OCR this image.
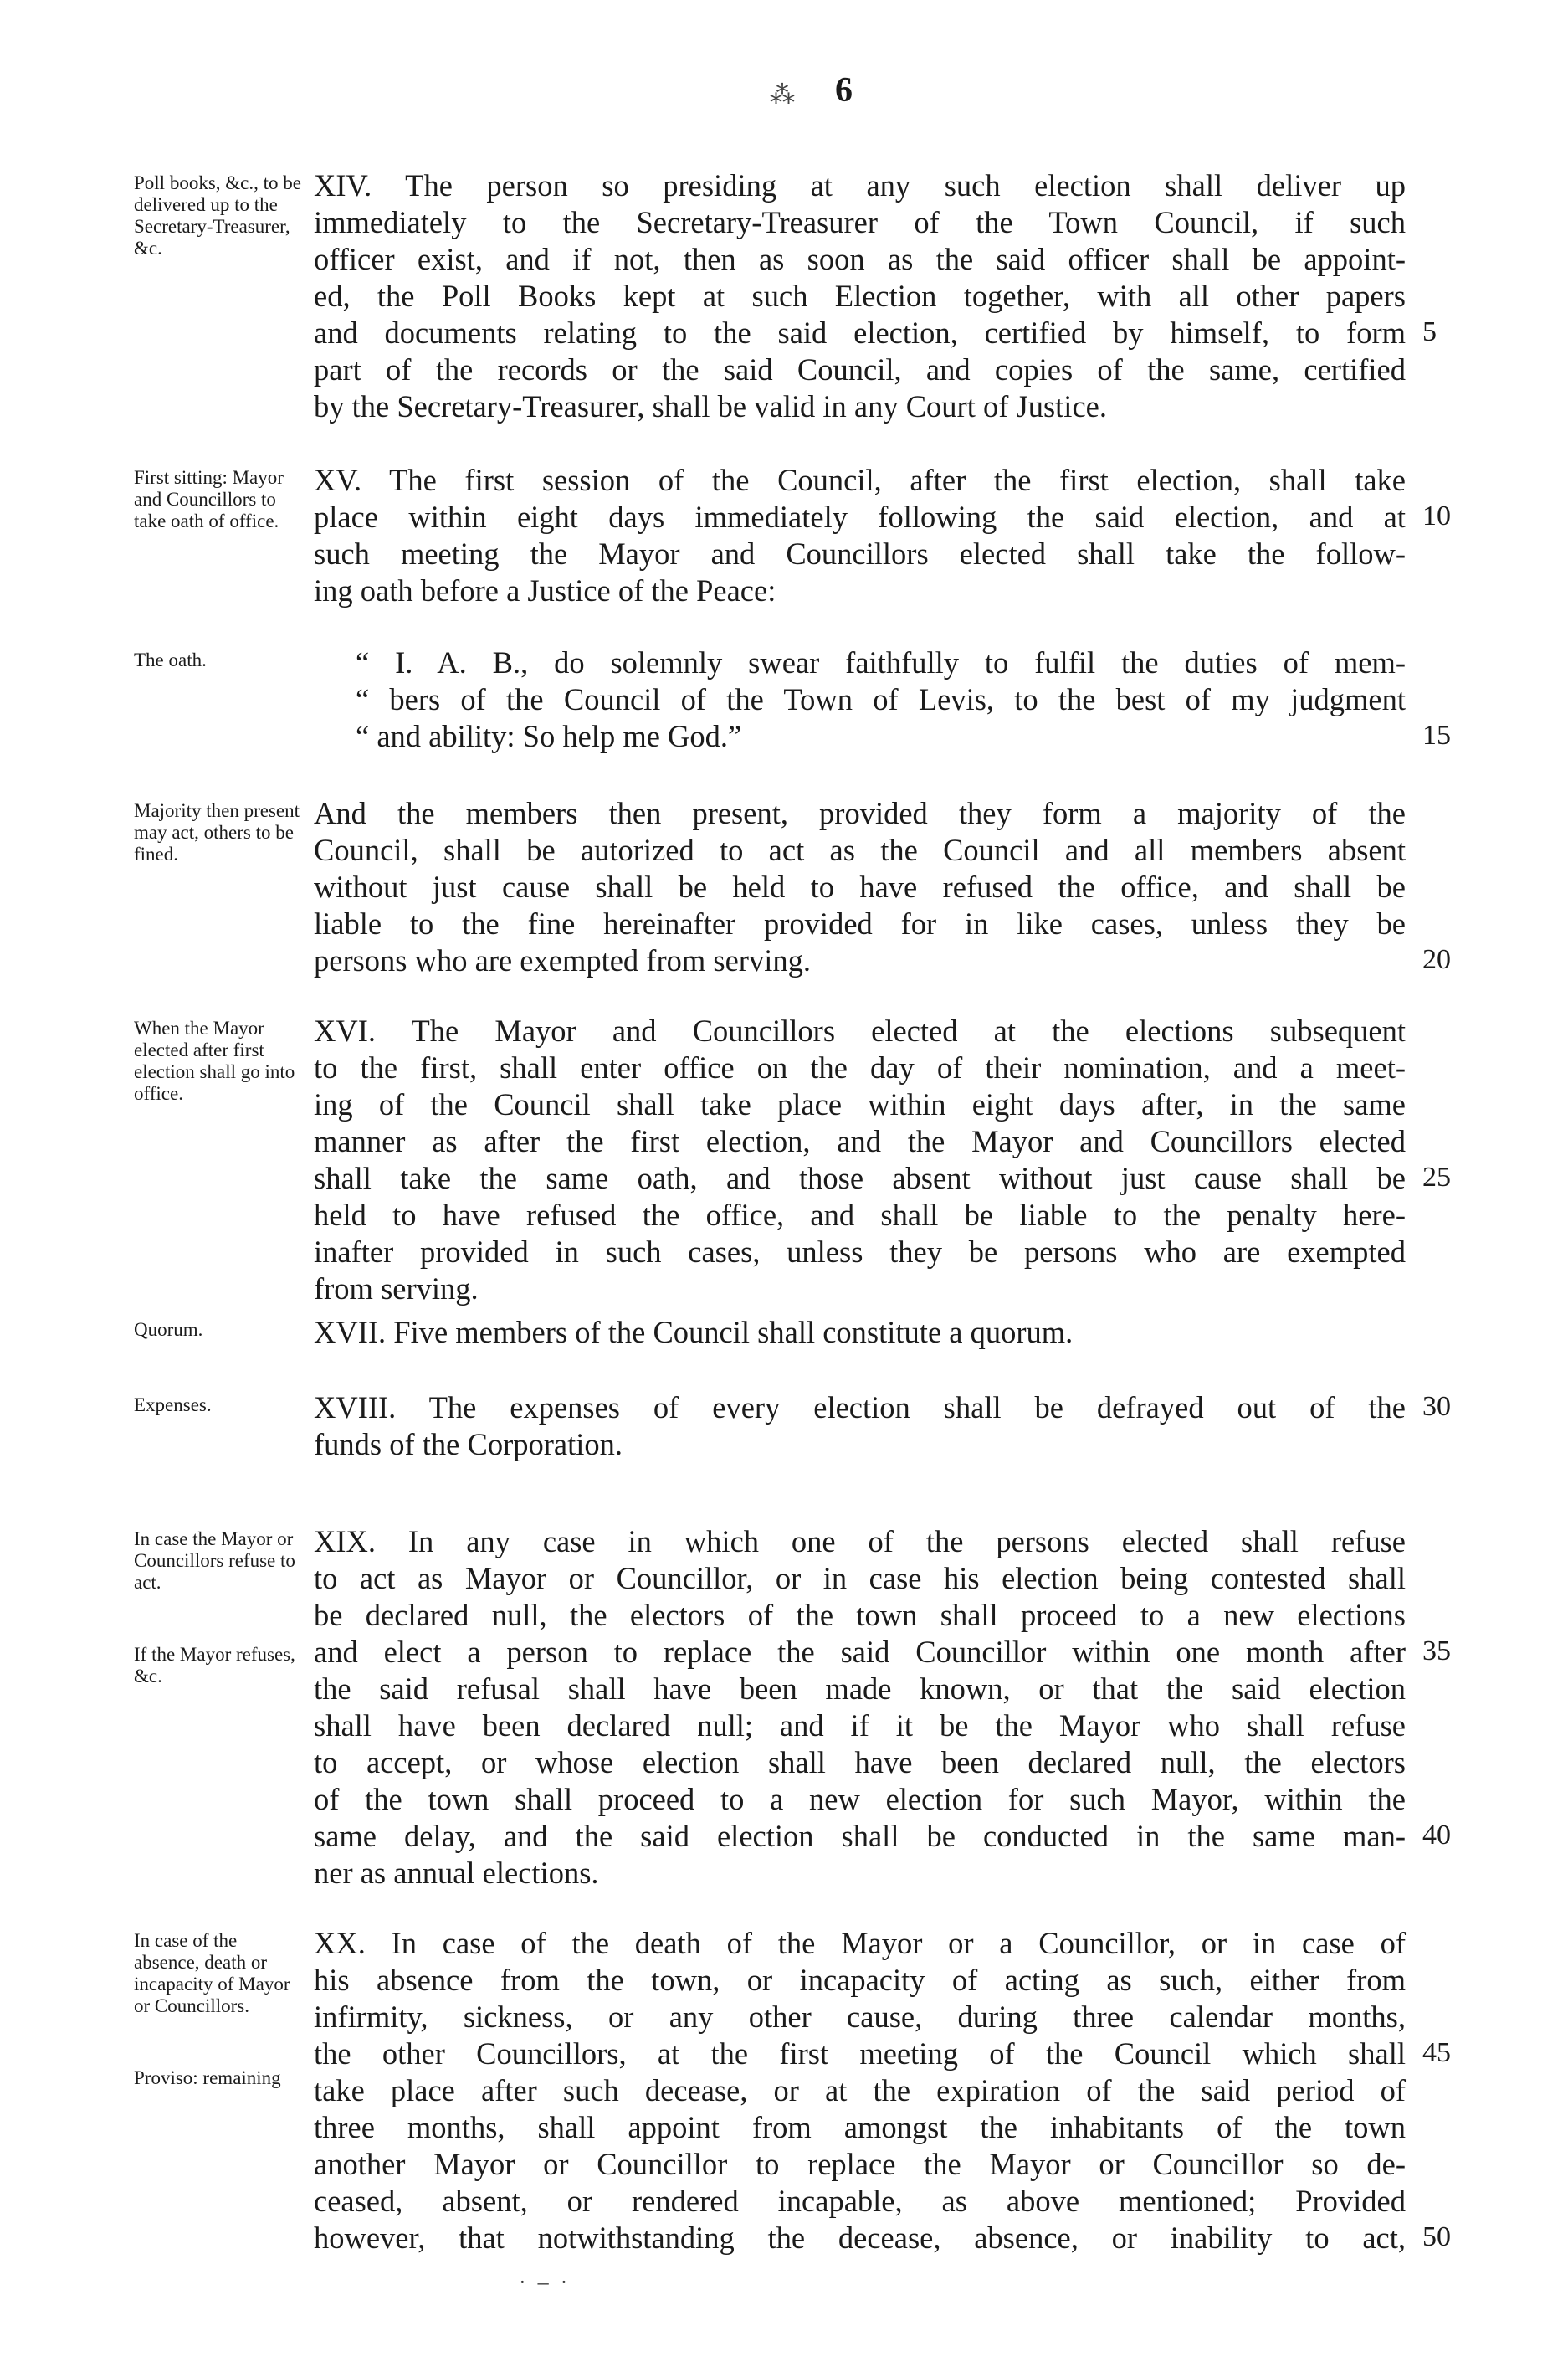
⁂ 6

Poll books, &c., to be delivered up to the Secretary-Treasurer, &c.

XIV. The person so presiding at any such election shall deliver up
immediately to the Secretary-Treasurer of the Town Council, if such
officer exist, and if not, then as soon as the said officer shall be appoint-
ed, the Poll Books kept at such Election together, with all other papers
and documents relating to the said election, certified by himself, to form
part of the records or the said Council, and copies of the same, certified
by the Secretary-Treasurer, shall be valid in any Court of Justice.
5

First sitting: Mayor and Councillors to take oath of office.

XV. The first session of the Council, after the first election, shall take
place within eight days immediately following the said election, and at
such meeting the Mayor and Councillors elected shall take the follow-
ing oath before a Justice of the Peace:
10

The oath.	“ I. A. B., do solemnly swear faithfully to fulfil the duties of mem-
“ bers of the Council of the Town of Levis, to the best of my judgment
“ and ability: So help me God.”	15

Majority then present may act, others to be fined.

And the members then present, provided they form a majority of the
Council, shall be autorized to act as the Council and all members absent
without just cause shall be held to have refused the office, and shall be
liable to the fine hereinafter provided for in like cases, unless they be
persons who are exempted from serving.	20

When the Mayor elected after first election shall go into office.

XVI. The Mayor and Councillors elected at the elections subsequent
to the first, shall enter office on the day of their nomination, and a meet-
ing of the Council shall take place within eight days after, in the same
manner as after the first election, and the Mayor and Councillors elected
shall take the same oath, and those absent without just cause shall be
held to have refused the office, and shall be liable to the penalty here-
inafter provided in such cases, unless they be persons who are exempted
from serving.
25

Quorum.	XVII. Five members of the Council shall constitute a quorum.

Expenses.	XVIII. The expenses of every election shall be defrayed out of the
funds of the Corporation.
30

In case the Mayor or Councillors refuse to act.

If the Mayor refuses, &c.

XIX. In any case in which one of the persons elected shall refuse
to act as Mayor or Councillor, or in case his election being contested shall
be declared null, the electors of the town shall proceed to a new elections
and elect a person to replace the said Councillor within one month after
the said refusal shall have been made known, or that the said election
shall have been declared null; and if it be the Mayor who shall refuse
to accept, or whose election shall have been declared null, the electors
of the town shall proceed to a new election for such Mayor, within the
same delay, and the said election shall be conducted in the same man-
ner as annual elections.
35
40

In case of the absence, death or incapacity of Mayor or Councillors.

Proviso: remaining

XX. In case of the death of the Mayor or a Councillor, or in case of
his absence from the town, or incapacity of acting as such, either from
infirmity, sickness, or any other cause, during three calendar months,
the other Councillors, at the first meeting of the Council which shall
take place after such decease, or at the expiration of the said period of
three months, shall appoint from amongst the inhabitants of the town
another Mayor or Councillor to replace the Mayor or Councillor so de-
ceased, absent, or rendered incapable, as above mentioned; Provided
however, that notwithstanding the decease, absence, or inability to act,
45
50
·–·
